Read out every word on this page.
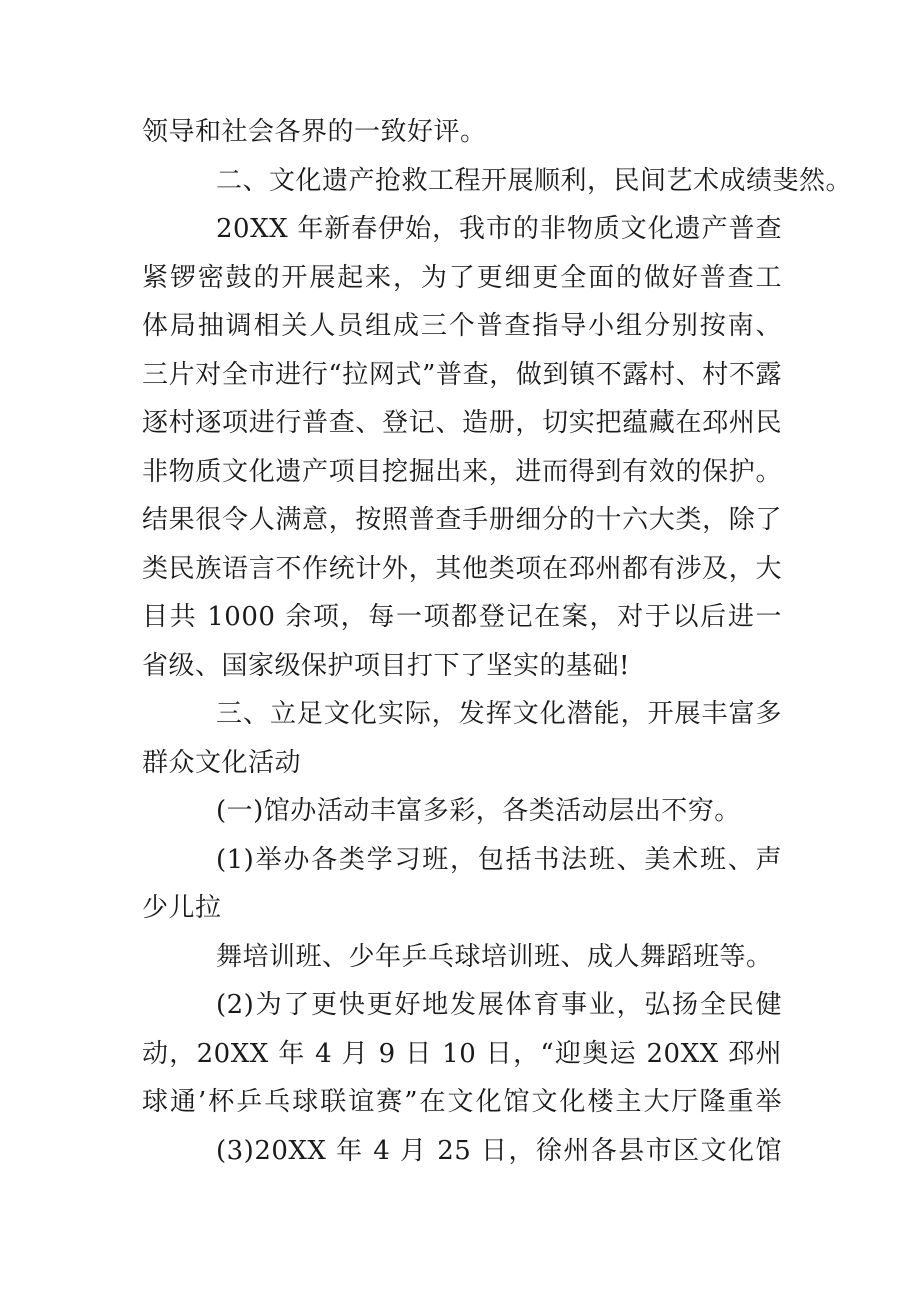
领导和社会各界的一致好评。
二、文化遗产抢救工程开展顺利，民间艺术成绩斐然。
20XX 年新春伊始，我市的非物质文化遗产普查
紧锣密鼓的开展起来，为了更细更全面的做好普查工
体局抽调相关人员组成三个普查指导小组分别按南、
三片对全市进行“拉网式”普查，做到镇不露村、村不露
逐村逐项进行普查、登记、造册，切实把蕴藏在邳州民
非物质文化遗产项目挖掘出来，进而得到有效的保护。
结果很令人满意，按照普查手册细分的十六大类，除了
类民族语言不作统计外，其他类项在邳州都有涉及，大
目共 1000 余项，每一项都登记在案，对于以后进一
省级、国家级保护项目打下了坚实的基础!
三、立足文化实际，发挥文化潜能，开展丰富多
群众文化活动
(一)馆办活动丰富多彩，各类活动层出不穷。
(1)举办各类学习班，包括书法班、美术班、声
少儿拉
舞培训班、少年乒乓球培训班、成人舞蹈班等。
(2)为了更快更好地发展体育事业，弘扬全民健
动，20XX 年 4 月 9 日 10 日，“迎奥运 20XX 邳州
球通’杯乒乓球联谊赛”在文化馆文化楼主大厅隆重举
(3)20XX 年 4 月 25 日，徐州各县市区文化馆
